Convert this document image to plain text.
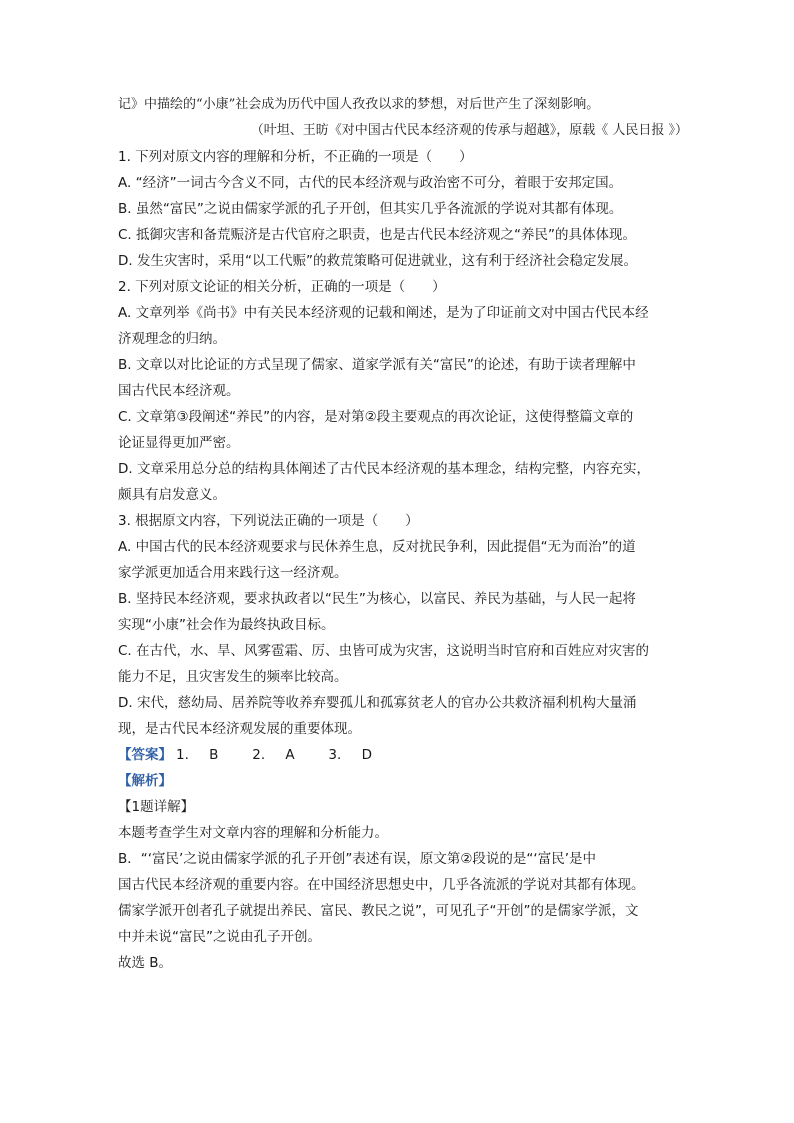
记》中描绘的“小康”社会成为历代中国人孜孜以求的梦想，对后世产生了深刻影响。
（叶坦、王昉《对中国古代民本经济观的传承与超越》，原载《 人民日报 》）

1. 下列对原文内容的理解和分析，不正确的一项是（　　）

A. “经济”一词古今含义不同，古代的民本经济观与政治密不可分，着眼于安邦定国。

B. 虽然“富民”之说由儒家学派的孔子开创，但其实几乎各流派的学说对其都有体现。

C. 抵御灾害和备荒赈济是古代官府之职责，也是古代民本经济观之“养民”的具体体现。

D. 发生灾害时，采用“以工代赈”的救荒策略可促进就业，这有利于经济社会稳定发展。

2. 下列对原文论证的相关分析，正确的一项是（　　）

A. 文章列举《尚书》中有关民本经济观的记载和阐述，是为了印证前文对中国古代民本经

济观理念的归纳。

B. 文章以对比论证的方式呈现了儒家、道家学派有关“富民”的论述，有助于读者理解中

国古代民本经济观。

C. 文章第③段阐述“养民”的内容，是对第②段主要观点的再次论证，这使得整篇文章的

论证显得更加严密。

D. 文章采用总分总的结构具体阐述了古代民本经济观的基本理念，结构完整，内容充实，

颇具有启发意义。

3. 根据原文内容，下列说法正确的一项是（　　）

A. 中国古代的民本经济观要求与民休养生息，反对扰民争利，因此提倡“无为而治”的道

家学派更加适合用来践行这一经济观。

B. 坚持民本经济观，要求执政者以“民生”为核心，以富民、养民为基础，与人民一起将

实现“小康”社会作为最终执政目标。

C. 在古代，水、旱、风雾雹霜、厉、虫皆可成为灾害，这说明当时官府和百姓应对灾害的

能力不足，且灾害发生的频率比较高。

D. 宋代，慈幼局、居养院等收养弃婴孤儿和孤寡贫老人的官办公共救济福利机构大量涌

现，是古代民本经济观发展的重要体现。

【答案】 1. B　 2. A　 3. D

【解析】

【1题详解】

本题考查学生对文章内容的理解和分析能力。

B．“‘富民’之说由儒家学派的孔子开创”表述有误，原文第②段说的是“‘富民’是中

国古代民本经济观的重要内容。在中国经济思想史中，几乎各流派的学说对其都有体现。

儒家学派开创者孔子就提出养民、富民、教民之说”，可见孔子“开创”的是儒家学派，文

中并未说“富民”之说由孔子开创。

故选 B。
